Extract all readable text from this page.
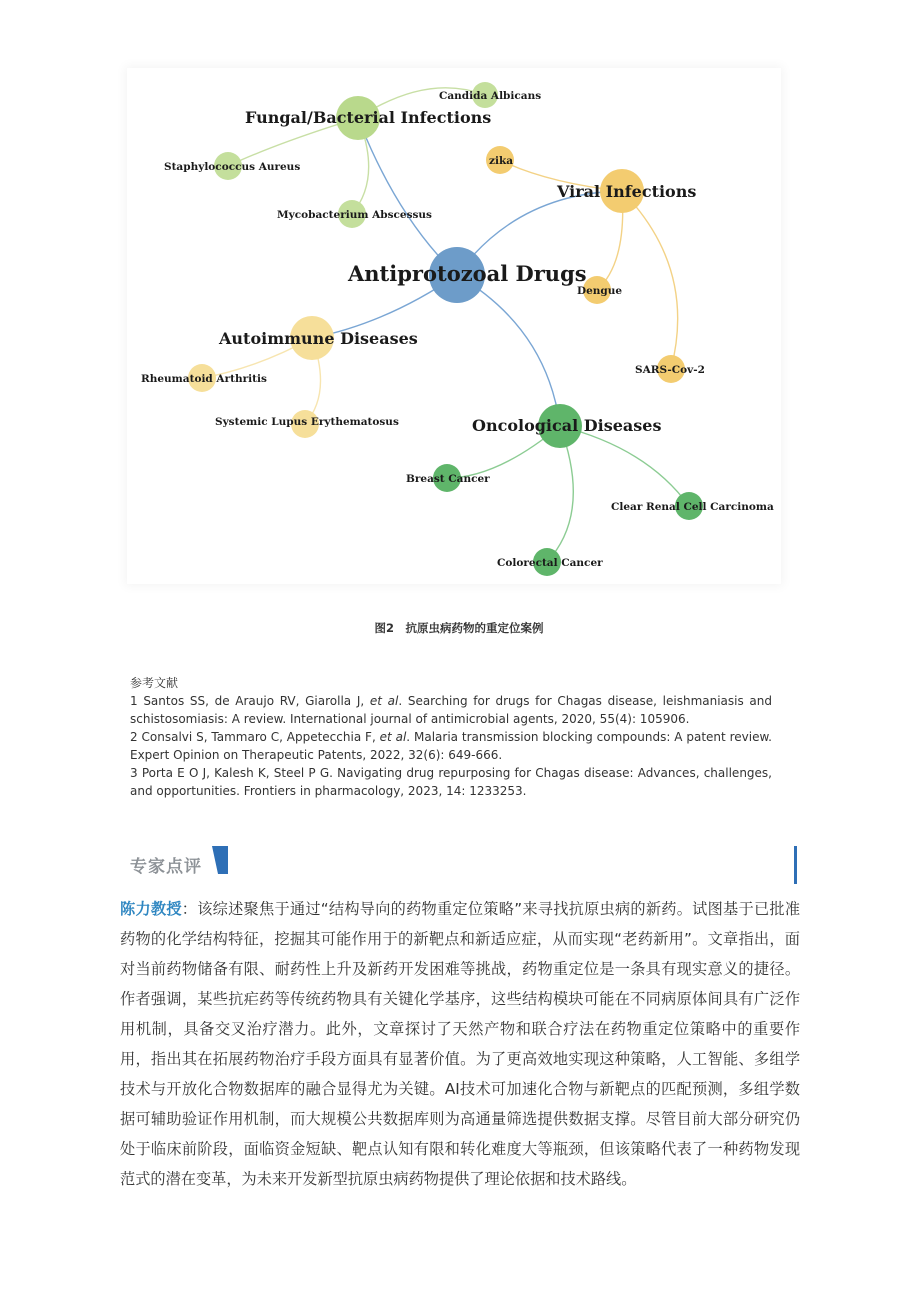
Antiprotozoal Drugs
Fungal/Bacterial Infections
Candida Albicans
Staphylococcus Aureus
Mycobacterium Abscessus
Viral Infections
zika
Dengue
SARS-Cov-2
Autoimmune Diseases
Rheumatoid Arthritis
Systemic Lupus Erythematosus	Oncological Diseases
Breast Cancer
Clear Renal Cell Carcinoma
Colorectal Cancer
图2　抗原虫病药物的重定位案例
参考文献
1 Santos SS, de Araujo RV, Giarolla J, et al. Searching for drugs for Chagas disease, leishmaniasis and schistosomiasis: A review. International journal of antimicrobial agents, 2020, 55(4): 105906.
2 Consalvi S, Tammaro C, Appetecchia F, et al. Malaria transmission blocking compounds: A patent review. Expert Opinion on Therapeutic Patents, 2022, 32(6): 649-666.
3 Porta E O J, Kalesh K, Steel P G. Navigating drug repurposing for Chagas disease: Advances, challenges, and opportunities. Frontiers in pharmacology, 2023, 14: 1233253.
专家点评
陈力教授：该综述聚焦于通过“结构导向的药物重定位策略”来寻找抗原虫病的新药。试图基于已批准药物的化学结构特征，挖掘其可能作用于的新靶点和新适应症，从而实现“老药新用”。文章指出，面对当前药物储备有限、耐药性上升及新药开发困难等挑战，药物重定位是一条具有现实意义的捷径。作者强调，某些抗疟药等传统药物具有关键化学基序，这些结构模块可能在不同病原体间具有广泛作用机制，具备交叉治疗潜力。此外，文章探讨了天然产物和联合疗法在药物重定位策略中的重要作用，指出其在拓展药物治疗手段方面具有显著价值。为了更高效地实现这种策略，人工智能、多组学技术与开放化合物数据库的融合显得尤为关键。AI技术可加速化合物与新靶点的匹配预测，多组学数据可辅助验证作用机制，而大规模公共数据库则为高通量筛选提供数据支撑。尽管目前大部分研究仍处于临床前阶段，面临资金短缺、靶点认知有限和转化难度大等瓶颈，但该策略代表了一种药物发现范式的潜在变革，为未来开发新型抗原虫病药物提供了理论依据和技术路线。
